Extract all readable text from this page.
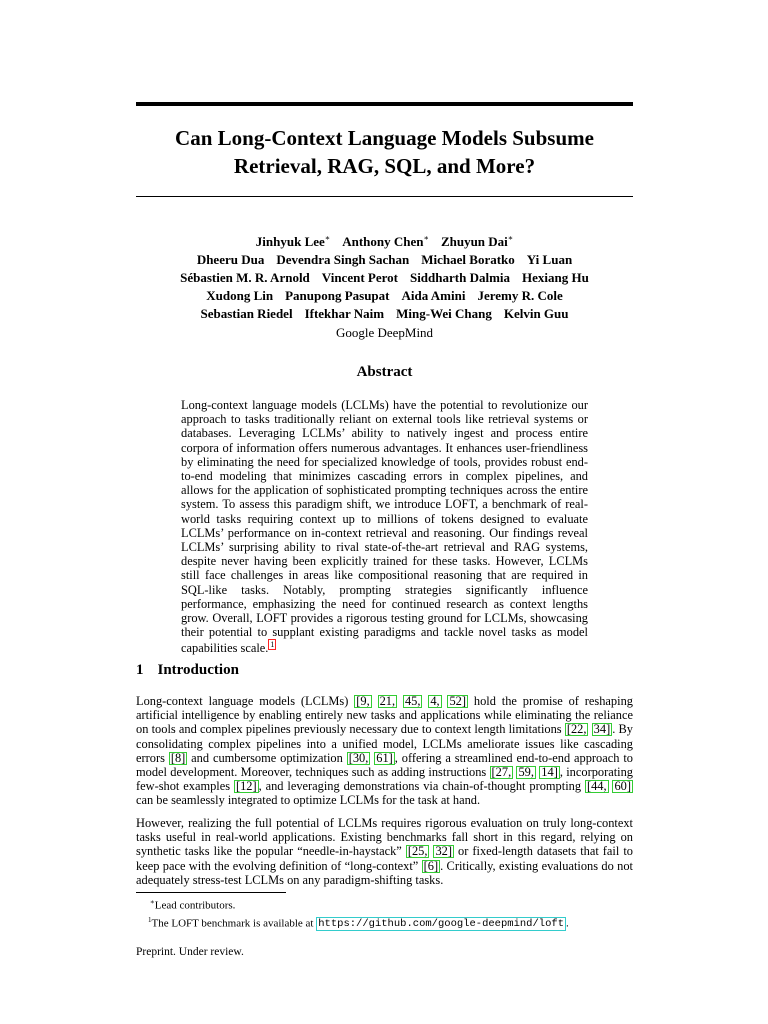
Can Long-Context Language Models Subsume
Retrieval, RAG, SQL, and More?
Jinhyuk Lee∗ Anthony Chen∗ Zhuyun Dai∗
Dheeru Dua Devendra Singh Sachan Michael Boratko Yi Luan
Sébastien M. R. Arnold Vincent Perot Siddharth Dalmia Hexiang Hu
Xudong Lin Panupong Pasupat Aida Amini Jeremy R. Cole
Sebastian Riedel Iftekhar Naim Ming-Wei Chang Kelvin Guu
Google DeepMind
Abstract

Long-context language models (LCLMs) have the potential to revolutionize our approach to tasks traditionally reliant on external tools like retrieval systems or databases. Leveraging LCLMs’ ability to natively ingest and process entire corpora of information offers numerous advantages. It enhances user-friendliness by eliminating the need for specialized knowledge of tools, provides robust end-to-end modeling that minimizes cascading errors in complex pipelines, and allows for the application of sophisticated prompting techniques across the entire system. To assess this paradigm shift, we introduce LOFT, a benchmark of real-world tasks requiring context up to millions of tokens designed to evaluate LCLMs’ performance on in-context retrieval and reasoning. Our findings reveal LCLMs’ surprising ability to rival state-of-the-art retrieval and RAG systems, despite never having been explicitly trained for these tasks. However, LCLMs still face challenges in areas like compositional reasoning that are required in SQL-like tasks. Notably, prompting strategies significantly influence performance, emphasizing the need for continued research as context lengths grow. Overall, LOFT provides a rigorous testing ground for LCLMs, showcasing their potential to supplant existing paradigms and tackle novel tasks as model capabilities scale. 1

1 Introduction

Long-context language models (LCLMs) [9, 21, 45, 4, 52] hold the promise of reshaping artificial intelligence by enabling entirely new tasks and applications while eliminating the reliance on tools and complex pipelines previously necessary due to context length limitations [22, 34] . By consolidating complex pipelines into a unified model, LCLMs ameliorate issues like cascading errors [8] and cumbersome optimization [30, 61] , offering a streamlined end-to-end approach to model development. Moreover, techniques such as adding instructions [27, 59, 14] , incorporating few-shot examples [12] , and leveraging demonstrations via chain-of-thought prompting [44, 60] can be seamlessly integrated to optimize LCLMs for the task at hand.

However, realizing the full potential of LCLMs requires rigorous evaluation on truly long-context tasks useful in real-world applications. Existing benchmarks fall short in this regard, relying on synthetic tasks like the popular “needle-in-haystack” [25, 32] or fixed-length datasets that fail to keep pace with the evolving definition of “long-context” [6] . Critically, existing evaluations do not adequately stress-test LCLMs on any paradigm-shifting tasks.

∗Lead contributors.
$^1$The LOFT benchmark is available at https://github.com/google-deepmind/loft .
Preprint. Under review.
